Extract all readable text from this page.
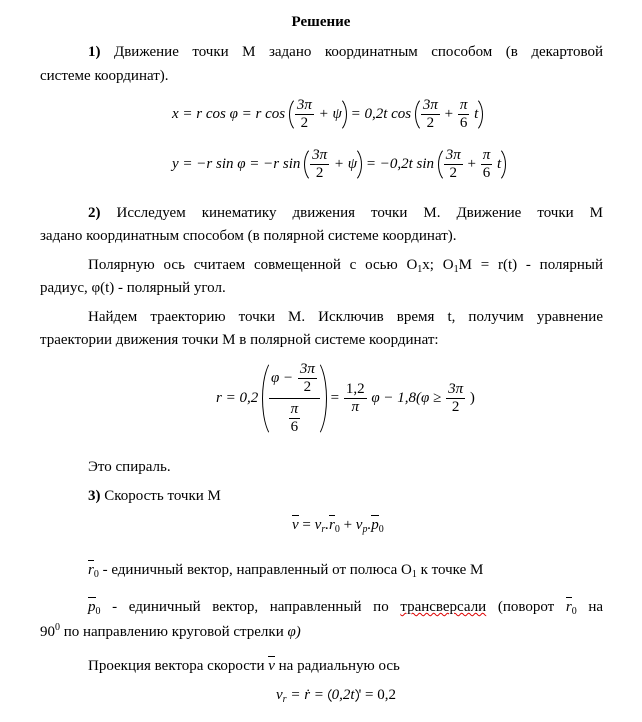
Решение
1) Движение точки М задано координатным способом (в декартовой
системе координат).
x = r cos φ = r $\cos \frac{3\pi}{2} + \psi = 0,2t$ $\cos \frac{3\pi}{2} + \frac{\pi}{6}$ t
y = −r sin φ = −r $\sin \frac{3\pi}{2} + \psi = -0,2t$ $\sin \frac{3\pi}{2} + \frac{\pi}{6}$ t
2) Исследуем кинематику движения точки М. Движение точки М
задано координатным способом (в полярной системе координат).
Полярную ось считаем совмещенной с осью $O_1x$; $O_1M = r(t)$ - полярный
радиус, φ(t) - полярный угол.
Найдем траекторию точки М. Исключив время t, получим уравнение
траектории движения точки М в полярной системе координат:
$r = 0,2 \frac{\varphi - \frac{3\pi}{2}}{\frac{\pi}{6}} = \frac{1,2}{\pi}$ $\varphi - 1,8(\varphi \ge \frac{3\pi}{2}$ )
Это спираль.
3) Скорость точки М
$v = v_r.r_0 + v_p.p_0$
$r_0$ - единичный вектор, направленный от полюса $O_1$ к точке М
$p_0$ - единичный вектор, направленный по трансверсали (поворот $r_0$ на
$90^0$ по направлению круговой стрелки φ)
Проекция вектора скорости v на радиальную ось
$v_r$ = ṙ = 0,2t ' = 0,2
